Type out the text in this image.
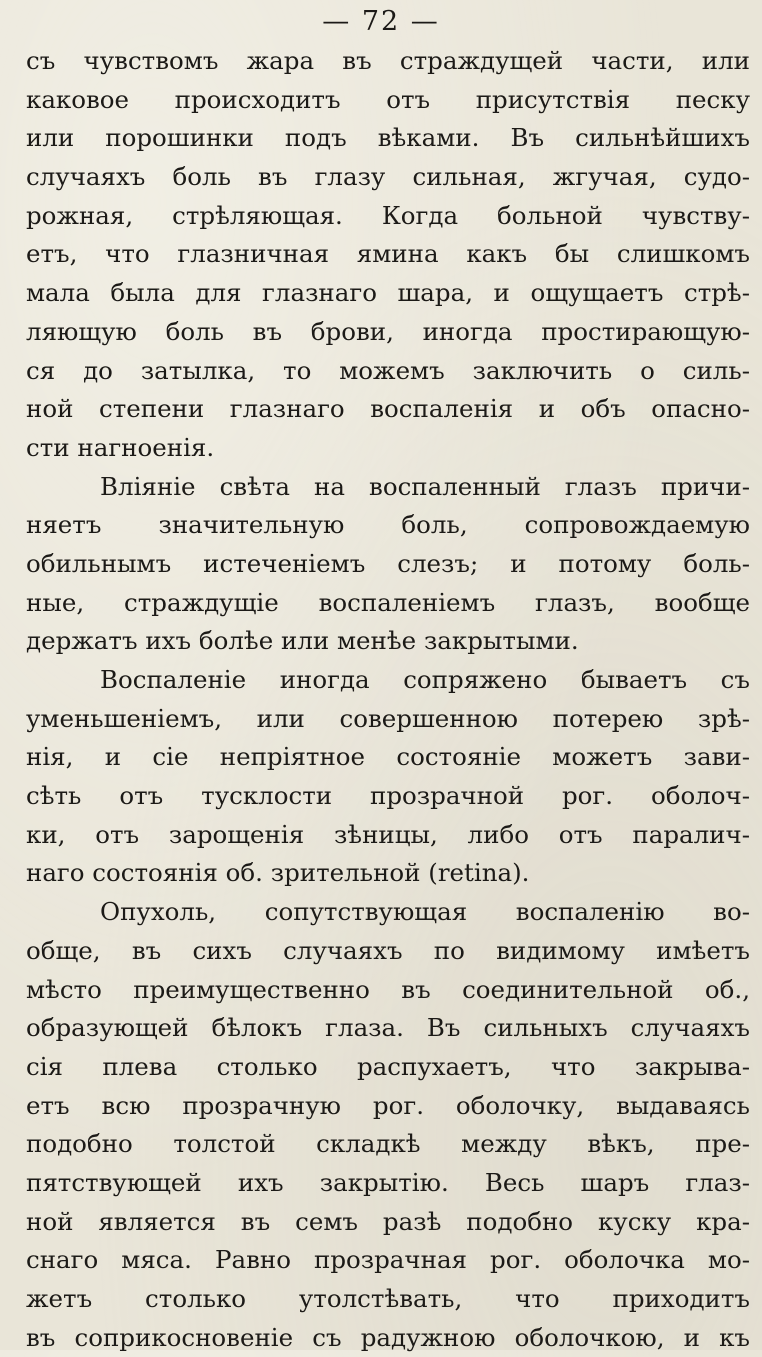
— 72 —
съ чувствомъ жара въ страждущей части, или
каковое происходитъ отъ присутствія песку
или порошинки подъ вѣками. Въ сильнѣйшихъ
случаяхъ боль въ глазу сильная, жгучая, судо-
рожная, стрѣляющая. Когда больной чувству-
етъ, что глазничная ямина какъ бы слишкомъ
мала была для глазнаго шара, и ощущаетъ стрѣ-
ляющую боль въ брови, иногда простирающую-
ся до затылка, то можемъ заключить о силь-
ной степени глазнаго воспаленія и объ опасно-
сти нагноенія.
Вліяніе свѣта на воспаленный глазъ причи-
няетъ значительную боль, сопровождаемую
обильнымъ истеченіемъ слезъ; и потому боль-
ные, страждущіе воспаленіемъ глазъ, вообще
держатъ ихъ болѣе или менѣе закрытыми.
Воспаленіе иногда сопряжено бываетъ съ
уменьшеніемъ, или совершенною потерею зрѣ-
нія, и сіе непріятное состояніе можетъ зави-
сѣть отъ тусклости прозрачной рог. оболоч-
ки, отъ зарощенія зѣницы, либо отъ паралич-
наго состоянія об. зрительной (retina).
Опухоль, сопутствующая воспаленію во-
обще, въ сихъ случаяхъ по видимому имѣетъ
мѣсто преимущественно въ соединительной об.,
образующей бѣлокъ глаза. Въ сильныхъ случаяхъ
сія плева столько распухаетъ, что закрыва-
етъ всю прозрачную рог. оболочку, выдаваясь
подобно толстой складкѣ между вѣкъ, пре-
пятствующей ихъ закрытію. Весь шаръ глаз-
ной является въ семъ разѣ подобно куску кра-
снаго мяса. Равно прозрачная рог. оболочка мо-
жетъ столько утолстѣвать, что приходитъ
въ соприкосновеніе съ радужною оболочкою, и къ
